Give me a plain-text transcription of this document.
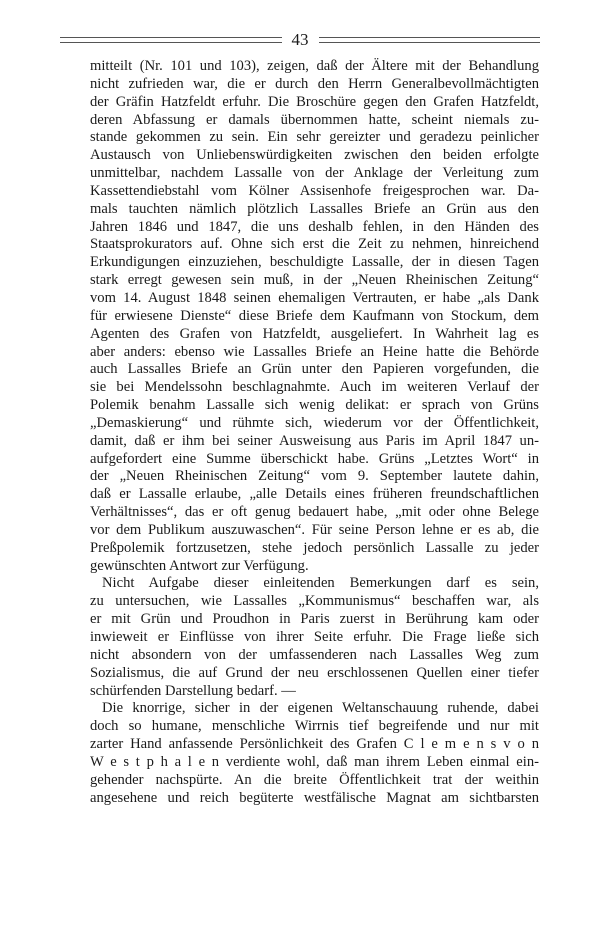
43
mitteilt (Nr. 101 und 103), zeigen, daß der Ältere mit der Behandlung
nicht zufrieden war, die er durch den Herrn Generalbevollmächtigten
der Gräfin Hatzfeldt erfuhr. Die Broschüre gegen den Grafen Hatzfeldt,
deren Abfassung er damals übernommen hatte, scheint niemals zu-
stande gekommen zu sein. Ein sehr gereizter und geradezu peinlicher
Austausch von Unliebenswürdigkeiten zwischen den beiden erfolgte
unmittelbar, nachdem Lassalle von der Anklage der Verleitung zum
Kassettendiebstahl vom Kölner Assisenhofe freigesprochen war. Da-
mals tauchten nämlich plötzlich Lassalles Briefe an Grün aus den
Jahren 1846 und 1847, die uns deshalb fehlen, in den Händen des
Staatsprokurators auf. Ohne sich erst die Zeit zu nehmen, hinreichend
Erkundigungen einzuziehen, beschuldigte Lassalle, der in diesen Tagen
stark erregt gewesen sein muß, in der „Neuen Rheinischen Zeitung“
vom 14. August 1848 seinen ehemaligen Vertrauten, er habe „als Dank
für erwiesene Dienste“ diese Briefe dem Kaufmann von Stockum, dem
Agenten des Grafen von Hatzfeldt, ausgeliefert. In Wahrheit lag es
aber anders: ebenso wie Lassalles Briefe an Heine hatte die Behörde
auch Lassalles Briefe an Grün unter den Papieren vorgefunden, die
sie bei Mendelssohn beschlagnahmte. Auch im weiteren Verlauf der
Polemik benahm Lassalle sich wenig delikat: er sprach von Grüns
„Demaskierung“ und rühmte sich, wiederum vor der Öffentlichkeit,
damit, daß er ihm bei seiner Ausweisung aus Paris im April 1847 un-
aufgefordert eine Summe überschickt habe. Grüns „Letztes Wort“ in
der „Neuen Rheinischen Zeitung“ vom 9. September lautete dahin,
daß er Lassalle erlaube, „alle Details eines früheren freundschaftlichen
Verhältnisses“, das er oft genug bedauert habe, „mit oder ohne Belege
vor dem Publikum auszuwaschen“. Für seine Person lehne er es ab, die
Preßpolemik fortzusetzen, stehe jedoch persönlich Lassalle zu jeder
gewünschten Antwort zur Verfügung.
Nicht Aufgabe dieser einleitenden Bemerkungen darf es sein,
zu untersuchen, wie Lassalles „Kommunismus“ beschaffen war, als
er mit Grün und Proudhon in Paris zuerst in Berührung kam oder
inwieweit er Einflüsse von ihrer Seite erfuhr. Die Frage ließe sich
nicht absondern von der umfassenderen nach Lassalles Weg zum
Sozialismus, die auf Grund der neu erschlossenen Quellen einer tiefer
schürfenden Darstellung bedarf. —
Die knorrige, sicher in der eigenen Weltanschauung ruhende, dabei
doch so humane, menschliche Wirrnis tief begreifende und nur mit
zarter Hand anfassende Persönlichkeit des Grafen C l e m e n s v o n
W e s t p h a l e n verdiente wohl, daß man ihrem Leben einmal ein-
gehender nachspürte. An die breite Öffentlichkeit trat der weithin
angesehene und reich begüterte westfälische Magnat am sichtbarsten
